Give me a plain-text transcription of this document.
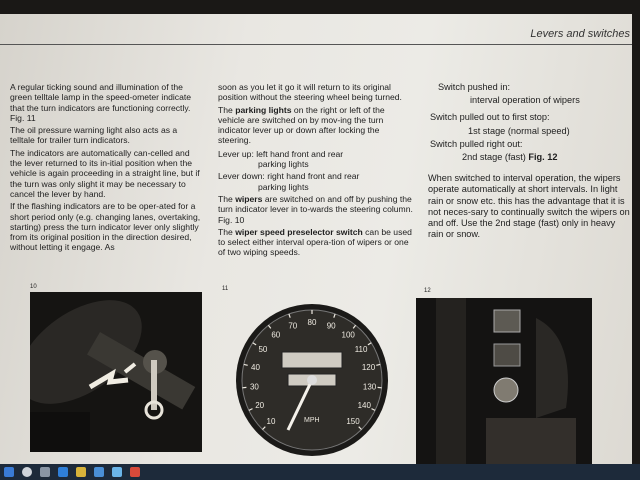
Levers and switches

A regular ticking sound and illumination of the green telltale lamp in the speed-ometer indicate that the turn indicators are functioning correctly. Fig. 11

The oil pressure warning light also acts as a telltale for trailer turn indicators.

The indicators are automatically can-celled and the lever returned to its in-itial position when the vehicle is again proceeding in a straight line, but if the turn was only slight it may be necessary to cancel the lever by hand.

If the flashing indicators are to be oper-ated for a short period only (e.g. changing lanes, overtaking, starting) press the turn indicator lever only slightly from its original position in the direction desired, without letting it engage. As

soon as you let it go it will return to its original position without the steering wheel being turned.

The parking lights on the right or left of the vehicle are switched on by mov-ing the turn indicator lever up or down after locking the steering.

Lever up: left hand front and rear

parking lights

Lever down: right hand front and rear

parking lights

The wipers are switched on and off by pushing the turn indicator lever in to-wards the steering column. Fig. 10

The wiper speed preselector switch can be used to select either interval opera-tion of wipers or one of two wiping speeds.

Switch pushed in:

interval operation of wipers

Switch pulled out to first stop:

1st stage (normal speed)

Switch pulled right out:

2nd stage (fast) Fig. 12

When switched to interval operation, the wipers operate automatically at short intervals. In light rain or snow etc. this has the advantage that it is not neces-sary to continually switch the wipers on and off. Use the 2nd stage (fast) only in heavy rain or snow.

10	11	12
10
20
30
40
50
60
70 80 90
100
110
120
130
140
150
MPH
